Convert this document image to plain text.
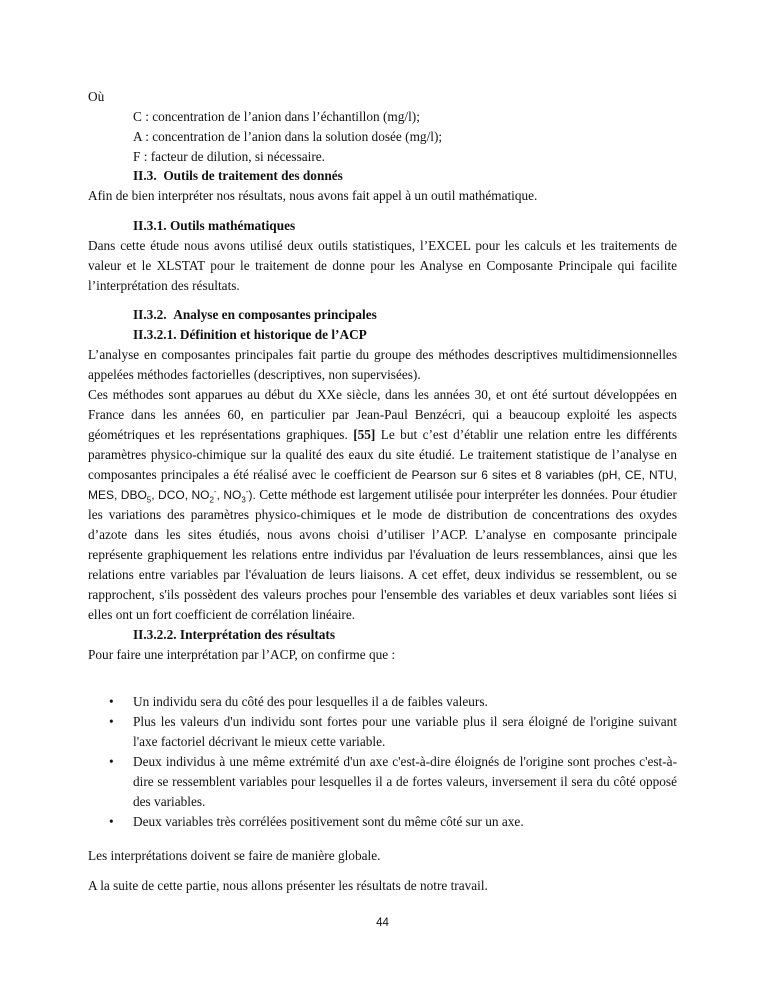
Où
C : concentration de l’anion dans l’échantillon (mg/l);
A : concentration de l’anion dans la solution dosée (mg/l);
F : facteur de dilution, si nécessaire.
II.3. Outils de traitement des donnés
Afin de bien interpréter nos résultats, nous avons fait appel à un outil mathématique.
II.3.1. Outils mathématiques
Dans cette étude nous avons utilisé deux outils statistiques, l’EXCEL pour les calculs et les traitements de valeur et le XLSTAT pour le traitement de donne pour les Analyse en Composante Principale qui facilite l’interprétation des résultats.
II.3.2. Analyse en composantes principales
II.3.2.1. Définition et historique de l’ACP
L’analyse en composantes principales fait partie du groupe des méthodes descriptives multidimensionnelles appelées méthodes factorielles (descriptives, non supervisées).
Ces méthodes sont apparues au début du XXe siècle, dans les années 30, et ont été surtout développées en France dans les années 60, en particulier par Jean-Paul Benzécri, qui a beaucoup exploité les aspects géométriques et les représentations graphiques. [55] Le but c’est d’établir une relation entre les différents paramètres physico-chimique sur la qualité des eaux du site étudié. Le traitement statistique de l’analyse en composantes principales a été réalisé avec le coefficient de Pearson sur 6 sites et 8 variables (pH, CE, NTU, MES, $DBO_5$, DCO, $NO_2^-$, $NO_3^-$). Cette méthode est largement utilisée pour interpréter les données. Pour étudier les variations des paramètres physico-chimiques et le mode de distribution de concentrations des oxydes d’azote dans les sites étudiés, nous avons choisi d’utiliser l’ACP. L’analyse en composante principale représente graphiquement les relations entre individus par l'évaluation de leurs ressemblances, ainsi que les relations entre variables par l'évaluation de leurs liaisons. A cet effet, deux individus se ressemblent, ou se rapprochent, s'ils possèdent des valeurs proches pour l'ensemble des variables et deux variables sont liées si elles ont un fort coefficient de corrélation linéaire.
II.3.2.2. Interprétation des résultats
Pour faire une interprétation par l’ACP, on confirme que :
• Un individu sera du côté des pour lesquelles il a de faibles valeurs.
• Plus les valeurs d'un individu sont fortes pour une variable plus il sera éloigné de l'origine suivant l'axe factoriel décrivant le mieux cette variable.
• Deux individus à une même extrémité d'un axe c'est-à-dire éloignés de l'origine sont proches c'est-à-dire se ressemblent variables pour lesquelles il a de fortes valeurs, inversement il sera du côté opposé des variables.
• Deux variables très corrélées positivement sont du même côté sur un axe.
Les interprétations doivent se faire de manière globale.
A la suite de cette partie, nous allons présenter les résultats de notre travail.
44
